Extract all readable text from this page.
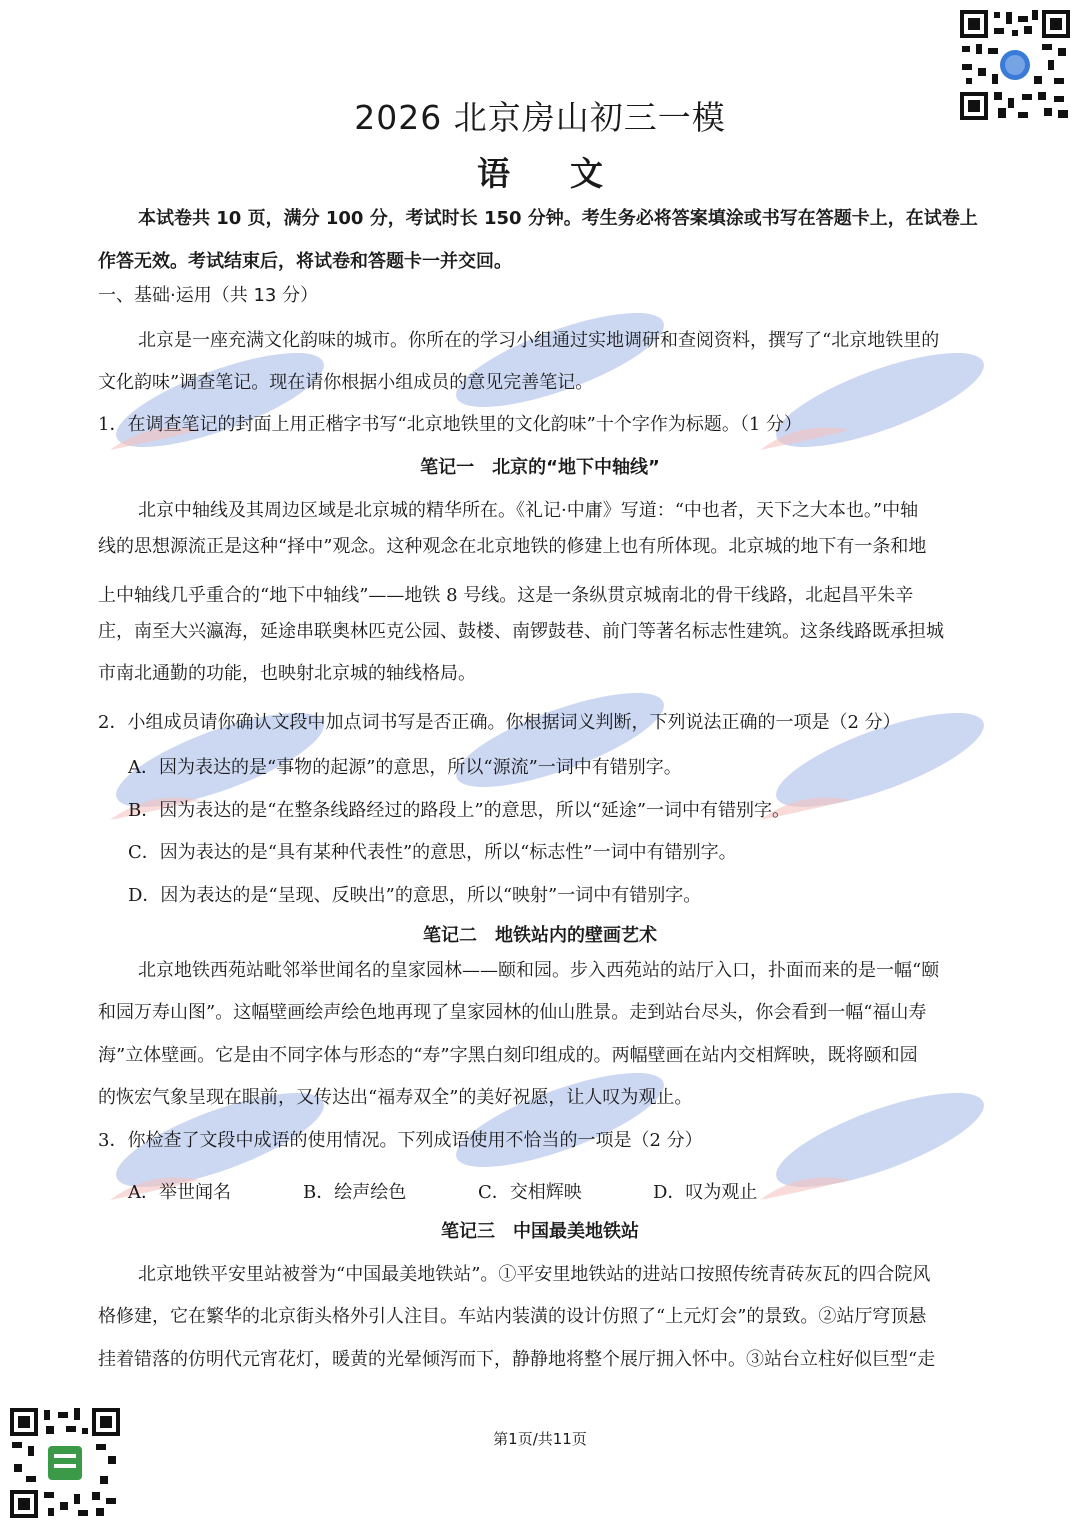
2026 北京房山初三一模
语文
本试卷共 10 页，满分 100 分，考试时长 150 分钟。考生务必将答案填涂或书写在答题卡上，在试卷上
作答无效。考试结束后，将试卷和答题卡一并交回。
一、基础·运用（共 13 分）
北京是一座充满文化韵味的城市。你所在的学习小组通过实地调研和查阅资料，撰写了“北京地铁里的
文化韵味”调查笔记。现在请你根据小组成员的意见完善笔记。
1．在调查笔记的封面上用正楷字书写“北京地铁里的文化韵味”十个字作为标题。（1 分）
笔记一　北京的“地下中轴线”
北京中轴线及其周边区域是北京城的精华所在。《礼记·中庸》写道：“中也者，天下之大本也。”中轴
线的思想源流正是这种“择中”观念。这种观念在北京地铁的修建上也有所体现。北京城的地下有一条和地
上中轴线几乎重合的“地下中轴线”——地铁 8 号线。这是一条纵贯京城南北的骨干线路，北起昌平朱辛
庄，南至大兴瀛海，延途串联奥林匹克公园、鼓楼、南锣鼓巷、前门等著名标志性建筑。这条线路既承担城
市南北通勤的功能，也映射北京城的轴线格局。
2．小组成员请你确认文段中加点词书写是否正确。你根据词义判断，下列说法正确的一项是（2 分）
A．因为表达的是“事物的起源”的意思，所以“源流”一词中有错别字。
B．因为表达的是“在整条线路经过的路段上”的意思，所以“延途”一词中有错别字。
C．因为表达的是“具有某种代表性”的意思，所以“标志性”一词中有错别字。
D．因为表达的是“呈现、反映出”的意思，所以“映射”一词中有错别字。
笔记二　地铁站内的壁画艺术
北京地铁西苑站毗邻举世闻名的皇家园林——颐和园。步入西苑站的站厅入口，扑面而来的是一幅“颐
和园万寿山图”。这幅壁画绘声绘色地再现了皇家园林的仙山胜景。走到站台尽头，你会看到一幅“福山寿
海”立体壁画。它是由不同字体与形态的“寿”字黑白刻印组成的。两幅壁画在站内交相辉映，既将颐和园
的恢宏气象呈现在眼前，又传达出“福寿双全”的美好祝愿，让人叹为观止。
3．你检查了文段中成语的使用情况。下列成语使用不恰当的一项是（2 分）
A．举世闻名	B．绘声绘色	C．交相辉映	D．叹为观止
笔记三　中国最美地铁站
北京地铁平安里站被誉为“中国最美地铁站”。①平安里地铁站的进站口按照传统青砖灰瓦的四合院风
格修建，它在繁华的北京街头格外引人注目。车站内装潢的设计仿照了“上元灯会”的景致。②站厅穹顶悬
挂着错落的仿明代元宵花灯，暖黄的光晕倾泻而下，静静地将整个展厅拥入怀中。③站台立柱好似巨型“走
第1页/共11页
